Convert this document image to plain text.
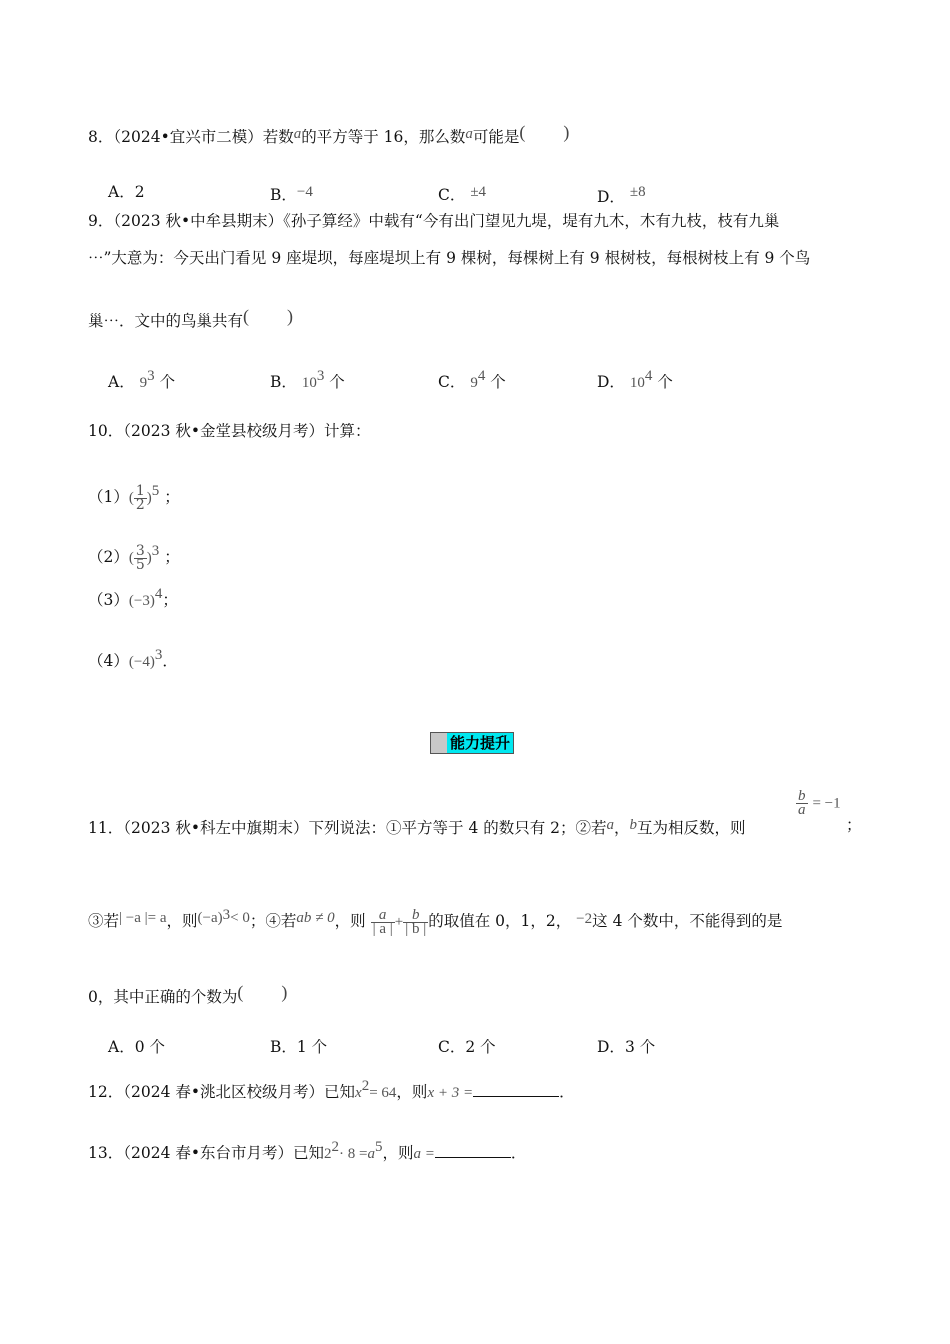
8．（2024•宜兴市二模）若数a的平方等于 16，那么数a可能是( )
A．2	B．−4	C． ±4	D． ±8
9．（2023 秋•中牟县期末）《孙子算经》中载有“今有出门望见九堤，堤有九木，木有九枝，枝有九巢
⋯”大意为：今天出门看见 9 座堤坝，每座堤坝上有 9 棵树，每棵树上有 9 根树枝，每根树枝上有 9 个鸟
巢⋯．文中的鸟巢共有( )
A． $9^3$ 个	B． $10^3$ 个	C． $9^4$ 个	D． $10^4$ 个
10．（2023 秋•金堂县校级月考）计算：
$(1)( \frac{1}{2} )^5$ ；
$(2)( \frac{3}{5} )^3$ ；
$(3)(-3)^4$；
$(4)(-4)^3$．
能力提升
$\frac{b}{a} = -1$
11．（2023 秋•科左中旗期末）下列说法：①平方等于 4 的数只有 2；②若a，b互为相反数，则	；
③若| −a |= a，则$(-a)^3< 0$；④若ab ≠ 0，则 $\frac{a}{| a |} + \frac{b}{| b |}$ 的取值在 0，1，2， −2这 4 个数中，不能得到的是
0，其中正确的个数为( )
A．0 个	B．1 个	C．2 个	D．3 个
12．（2024 春•洮北区校级月考）已知$x^2= 64$，则x + 3 =	．
13．（2024 春•东台市月考）已知$2^2\cdot 8 =a^5$，则a =	．
